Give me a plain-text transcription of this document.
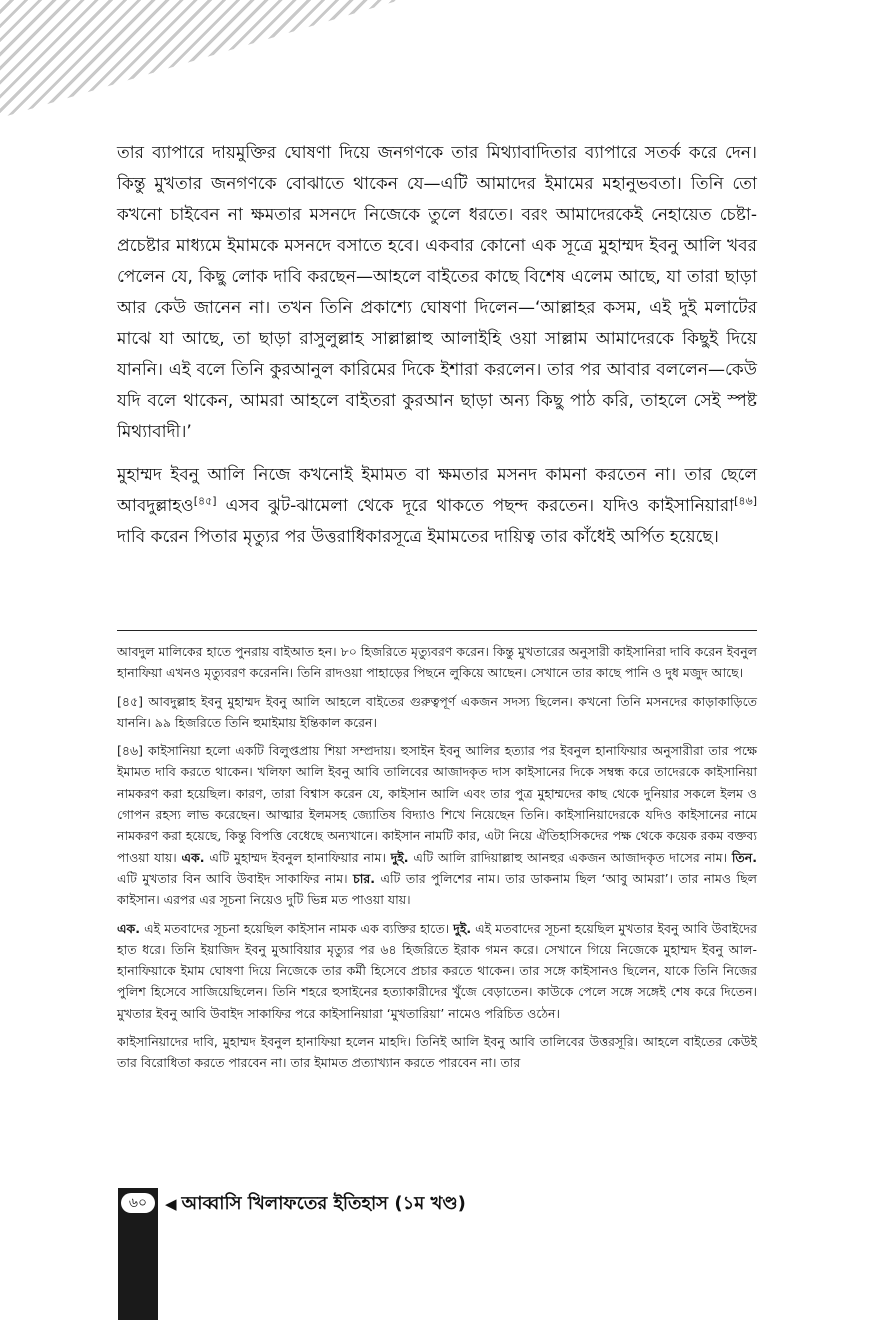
তার ব্যাপারে দায়মুক্তির ঘোষণা দিয়ে জনগণকে তার মিথ্যাবাদিতার ব্যাপারে সতর্ক করে দেন। কিন্তু মুখতার জনগণকে বোঝাতে থাকেন যে—এটি আমাদের ইমামের মহানুভবতা। তিনি তো কখনো চাইবেন না ক্ষমতার মসনদে নিজেকে তুলে ধরতে। বরং আমাদেরকেই নেহায়েত চেষ্টা-প্রচেষ্টার মাধ্যমে ইমামকে মসনদে বসাতে হবে। একবার কোনো এক সূত্রে মুহাম্মদ ইবনু আলি খবর পেলেন যে, কিছু লোক দাবি করছেন—আহলে বাইতের কাছে বিশেষ এলেম আছে, যা তারা ছাড়া আর কেউ জানেন না। তখন তিনি প্রকাশ্যে ঘোষণা দিলেন—‘আল্লাহর কসম, এই দুই মলাটের মাঝে যা আছে, তা ছাড়া রাসুলুল্লাহ সাল্লাল্লাহু আলাইহি ওয়া সাল্লাম আমাদেরকে কিছুই দিয়ে যাননি। এই বলে তিনি কুরআনুল কারিমের দিকে ইশারা করলেন। তার পর আবার বললেন—কেউ যদি বলে থাকেন, আমরা আহলে বাইতরা কুরআন ছাড়া অন্য কিছু পাঠ করি, তাহলে সেই স্পষ্ট মিথ্যাবাদী।’

মুহাম্মদ ইবনু আলি নিজে কখনোই ইমামত বা ক্ষমতার মসনদ কামনা করতেন না। তার ছেলে আবদুল্লাহও[৪৫] এসব ঝুট-ঝামেলা থেকে দূরে থাকতে পছন্দ করতেন। যদিও কাইসানিয়ারা[৪৬] দাবি করেন পিতার মৃত্যুর পর উত্তরাধিকারসূত্রে ইমামতের দায়িত্ব তার কাঁধেই অর্পিত হয়েছে।

আবদুল মালিকের হাতে পুনরায় বাইআত হন। ৮০ হিজরিতে মৃত্যুবরণ করেন। কিন্তু মুখতারের অনুসারী কাইসানিরা দাবি করেন ইবনুল হানাফিয়া এখনও মৃত্যুবরণ করেননি। তিনি রাদওয়া পাহাড়ের পিছনে লুকিয়ে আছেন। সেখানে তার কাছে পানি ও দুধ মজুদ আছে।

[৪৫] আবদুল্লাহ ইবনু মুহাম্মদ ইবনু আলি আহলে বাইতের গুরুত্বপূর্ণ একজন সদস্য ছিলেন। কখনো তিনি মসনদের কাড়াকাড়িতে যাননি। ৯৯ হিজরিতে তিনি হুমাইমায় ইন্তিকাল করেন।

[৪৬] কাইসানিয়া হলো একটি বিলুপ্তপ্রায় শিয়া সম্প্রদায়। হুসাইন ইবনু আলির হত্যার পর ইবনুল হানাফিয়ার অনুসারীরা তার পক্ষে ইমামত দাবি করতে থাকেন। খলিফা আলি ইবনু আবি তালিবের আজাদকৃত দাস কাইসানের দিকে সম্বন্ধ করে তাদেরকে কাইসানিয়া নামকরণ করা হয়েছিল। কারণ, তারা বিশ্বাস করেন যে, কাইসান আলি এবং তার পুত্র মুহাম্মদের কাছ থেকে দুনিয়ার সকলে ইলম ও গোপন রহস্য লাভ করেছেন। আত্মার ইলমসহ জ্যোতিষ বিদ্যাও শিখে নিয়েছেন তিনি। কাইসানিয়াদেরকে যদিও কাইসানের নামে নামকরণ করা হয়েছে, কিন্তু বিপত্তি বেধেছে অন্যখানে। কাইসান নামটি কার, এটা নিয়ে ঐতিহাসিকদের পক্ষ থেকে কয়েক রকম বক্তব্য পাওয়া যায়। এক. এটি মুহাম্মদ ইবনুল হানাফিয়ার নাম। দুই. এটি আলি রাদিয়াল্লাহু আনহুর একজন আজাদকৃত দাসের নাম। তিন. এটি মুখতার বিন আবি উবাইদ সাকাফির নাম। চার. এটি তার পুলিশের নাম। তার ডাকনাম ছিল ‘আবু আমরা’। তার নামও ছিল কাইসান। এরপর এর সূচনা নিয়েও দুটি ভিন্ন মত পাওয়া যায়।

এক. এই মতবাদের সূচনা হয়েছিল কাইসান নামক এক ব্যক্তির হাতে। দুই. এই মতবাদের সূচনা হয়েছিল মুখতার ইবনু আবি উবাইদের হাত ধরে। তিনি ইয়াজিদ ইবনু মুআবিয়ার মৃত্যুর পর ৬৪ হিজরিতে ইরাক গমন করে। সেখানে গিয়ে নিজেকে মুহাম্মদ ইবনু আল-হানাফিয়াকে ইমাম ঘোষণা দিয়ে নিজেকে তার কর্মী হিসেবে প্রচার করতে থাকেন। তার সঙ্গে কাইসানও ছিলেন, যাকে তিনি নিজের পুলিশ হিসেবে সাজিয়েছিলেন। তিনি শহরে হুসাইনের হত্যাকারীদের খুঁজে বেড়াতেন। কাউকে পেলে সঙ্গে সঙ্গেই শেষ করে দিতেন। মুখতার ইবনু আবি উবাইদ সাকাফির পরে কাইসানিয়ারা ‘মুখতারিয়া’ নামেও পরিচিত ওঠেন।

কাইসানিয়াদের দাবি, মুহাম্মদ ইবনুল হানাফিয়া হলেন মাহদি। তিনিই আলি ইবনু আবি তালিবের উত্তরসূরি। আহলে বাইতের কেউই তার বিরোধিতা করতে পারবেন না। তার ইমামত প্রত্যাখ্যান করতে পারবেন না। তার

৬০	◀ আব্বাসি খিলাফতের ইতিহাস (১ম খণ্ড)
